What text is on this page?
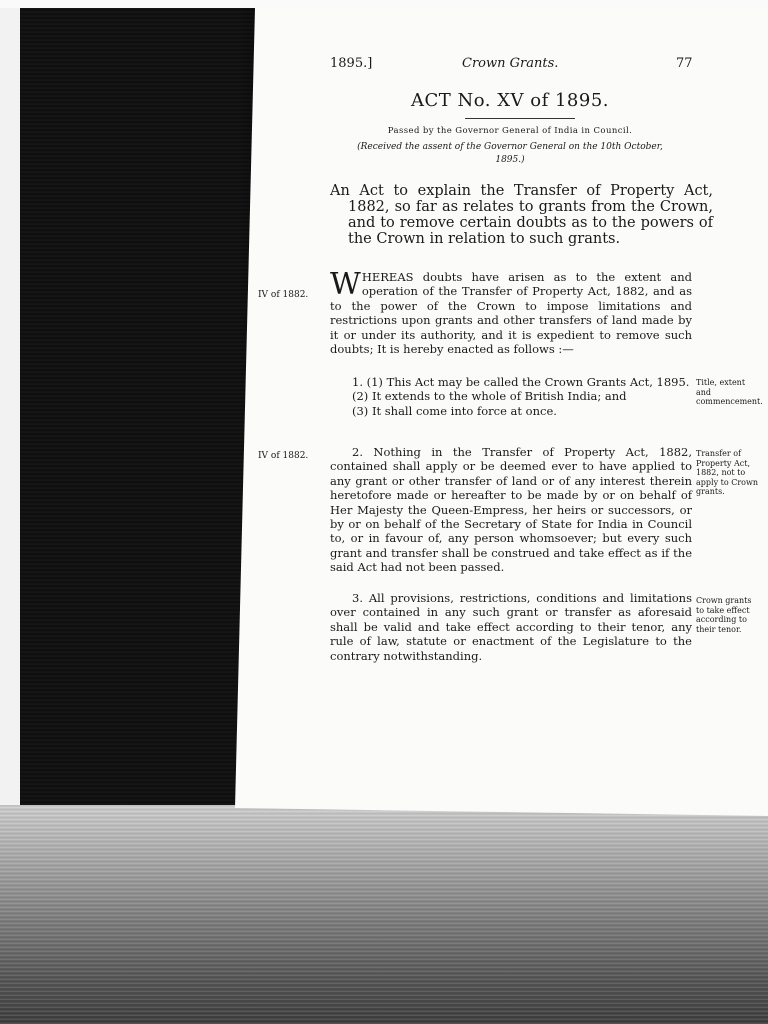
1895.]	Crown Grants.	77
ACT No. XV of 1895.
Passed by the Governor General of India in Council.
(Received the assent of the Governor General on the 10th October, 1895.)
An Act to explain the Transfer of Property Act, 1882, so far as relates to grants from the Crown, and to remove certain doubts as to the powers of the Crown in relation to such grants.
WHEREAS doubts have arisen as to the extent and operation of the Transfer of Property Act, 1882, and as to the power of the Crown to impose limitations and restrictions upon grants and other transfers of land made by it or under its authority, and it is expedient to remove such doubts; It is hereby enacted as follows :—

1. (1) This Act may be called the Crown Grants Act, 1895.

(2) It extends to the whole of British India; and

(3) It shall come into force at once.

2. Nothing in the Transfer of Property Act, 1882, contained shall apply or be deemed ever to have applied to any grant or other transfer of land or of any interest therein heretofore made or hereafter to be made by or on behalf of Her Majesty the Queen-Empress, her heirs or successors, or by or on behalf of the Secretary of State for India in Council to, or in favour of, any person whomsoever; but every such grant and transfer shall be construed and take effect as if the said Act had not been passed.

3. All provisions, restrictions, conditions and limitations over contained in any such grant or transfer as aforesaid shall be valid and take effect according to their tenor, any rule of law, statute or enactment of the Legislature to the contrary notwithstanding.

IV of 1882.
IV of 1882.
Title, extent and commencement.
Transfer of Property Act, 1882, not to apply to Crown grants.
Crown grants to take effect according to their tenor.
